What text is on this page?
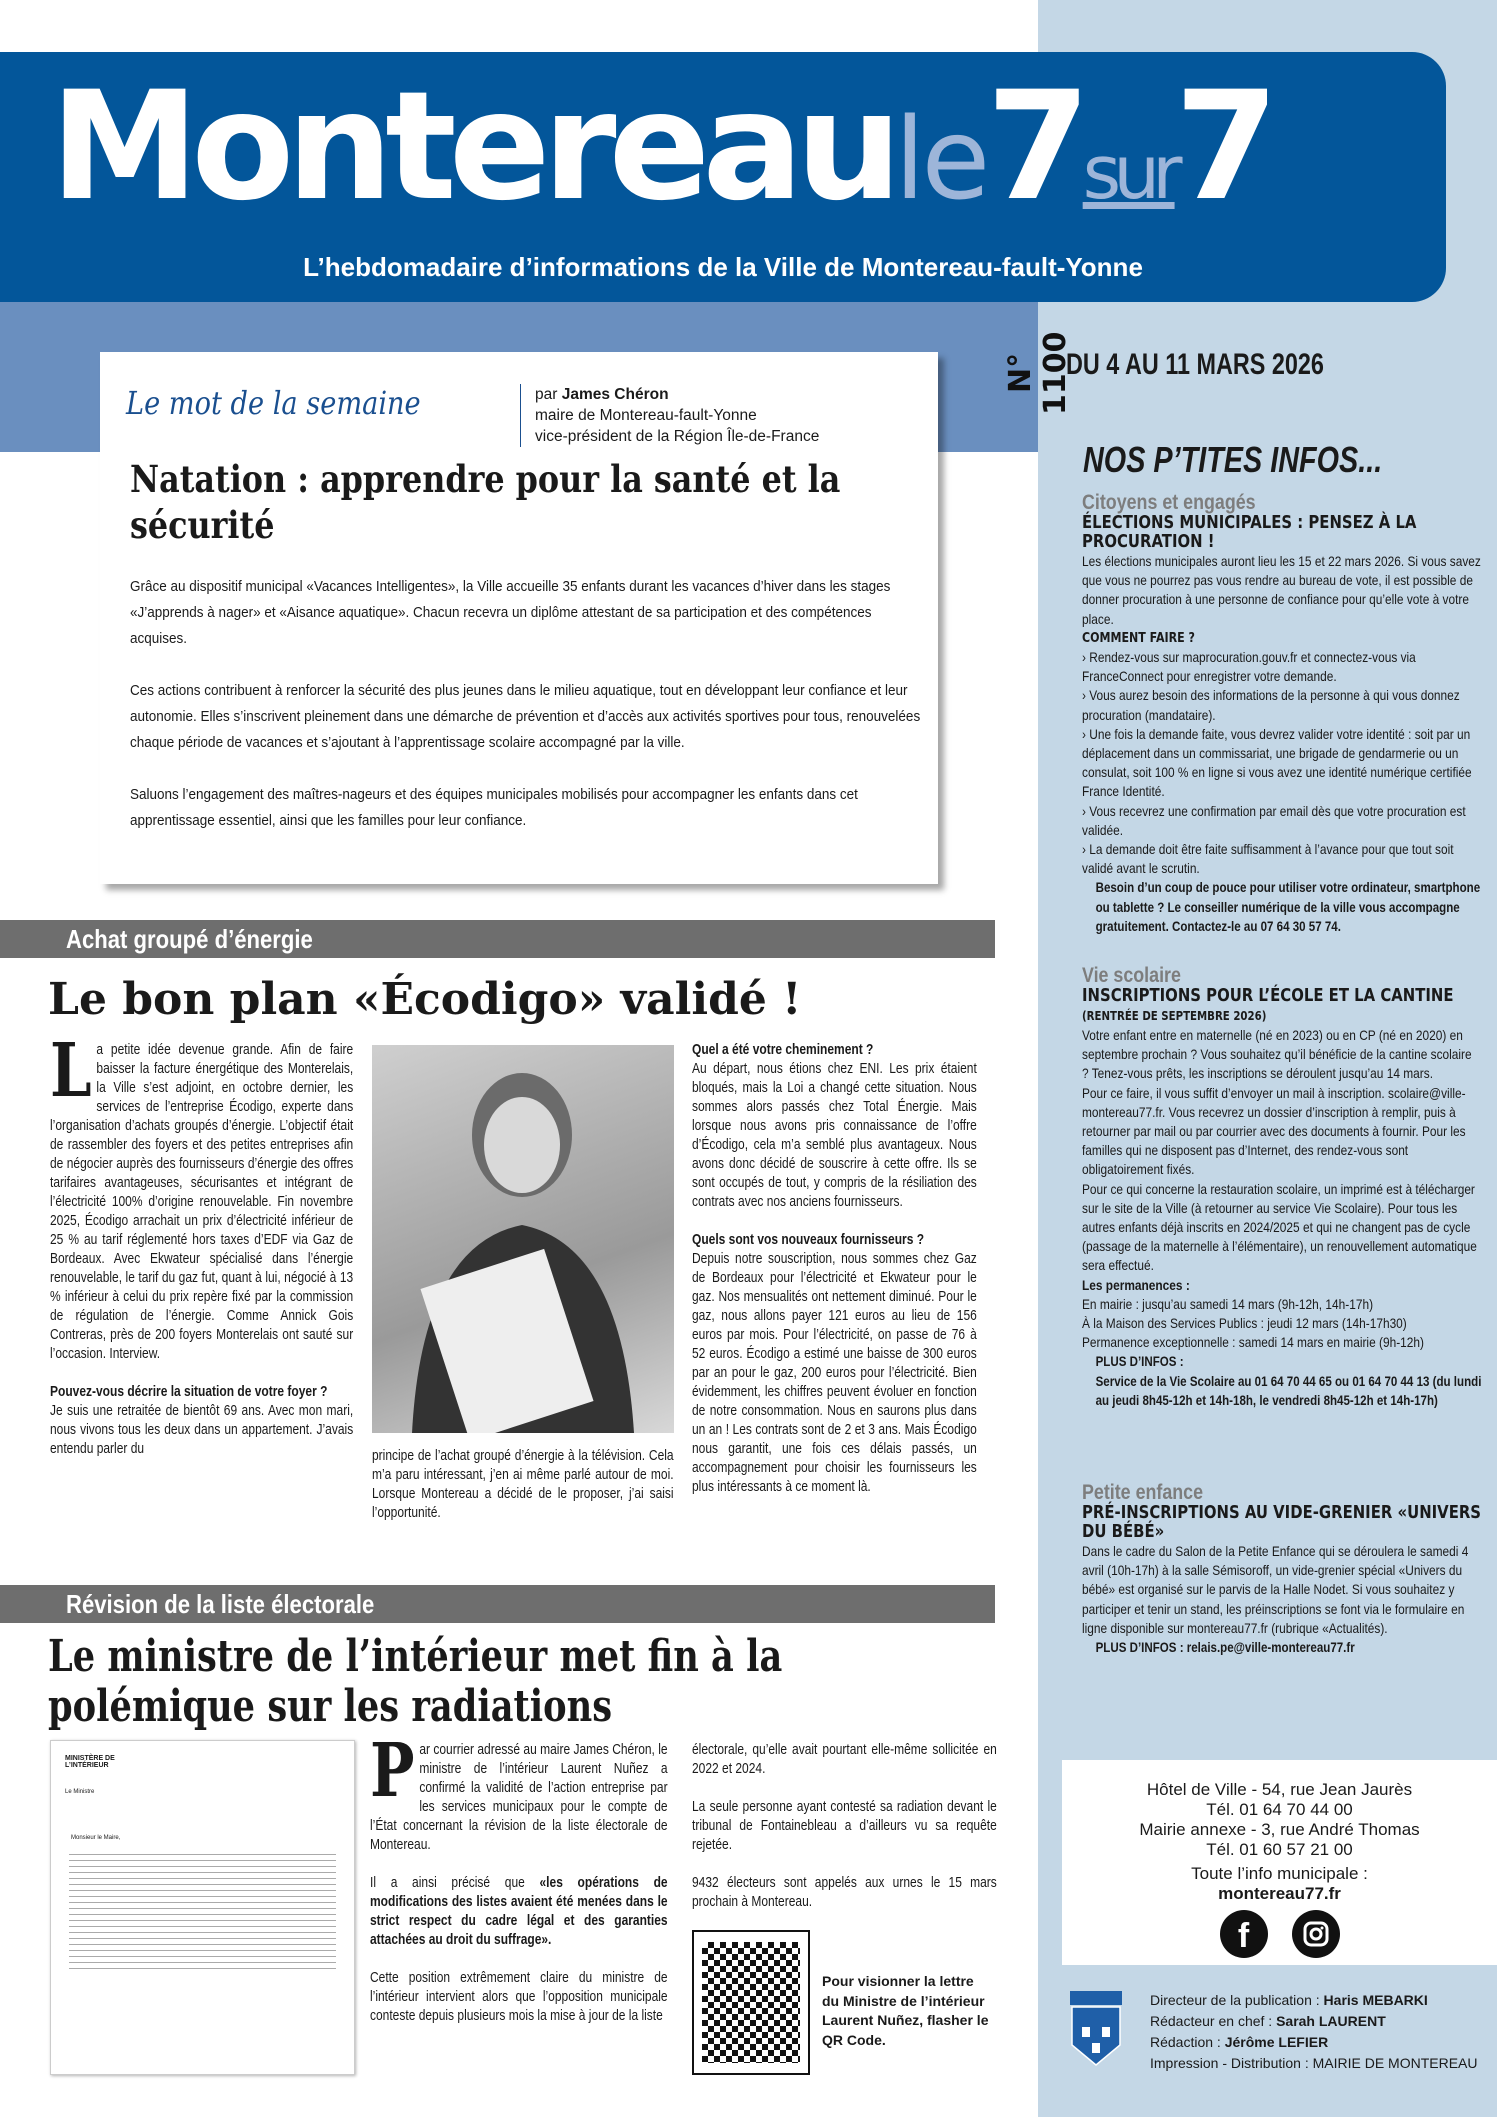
Montereaule7sur7
L’hebdomadaire d’informations de la Ville de Montereau-fault-Yonne
N° 1100
DU 4 AU 11 MARS 2026
Le mot de la semaine	par James Chéron
maire de Montereau-fault-Yonne
vice-président de la Région Île-de-France
Natation : apprendre pour la santé et la sécurité

Grâce au dispositif municipal «Vacances Intelligentes», la Ville accueille 35 enfants durant les vacances d’hiver dans les stages «J’apprends à nager» et «Aisance aquatique». Chacun recevra un diplôme attestant de sa participation et des compétences acquises.

Ces actions contribuent à renforcer la sécurité des plus jeunes dans le milieu aquatique, tout en développant leur confiance et leur autonomie. Elles s’inscrivent pleinement dans une démarche de prévention et d’accès aux activités sportives pour tous, renouvelées chaque période de vacances et s’ajoutant à l’apprentissage scolaire accompagné par la ville.

Saluons l’engagement des maîtres-nageurs et des équipes municipales mobilisés pour accompagner les enfants dans cet apprentissage essentiel, ainsi que les familles pour leur confiance.

Achat groupé d’énergie
Le bon plan «Écodigo» validé !

La petite idée devenue grande. Afin de faire baisser la facture énergétique des Monterelais, la Ville s’est adjoint, en octobre dernier, les services de l’entreprise Écodigo, experte dans l’organisation d’achats groupés d’énergie. L’objectif était de rassembler des foyers et des petites entreprises afin de négocier auprès des fournisseurs d’énergie des offres tarifaires avantageuses, sécurisantes et intégrant de l’électricité 100% d’origine renouvelable. Fin novembre 2025, Écodigo arrachait un prix d’électricité inférieur de 25 % au tarif réglementé hors taxes d’EDF via Gaz de Bordeaux. Avec Ekwateur spécialisé dans l’énergie renouvelable, le tarif du gaz fut, quant à lui, négocié à 13 % inférieur à celui du prix repère fixé par la commission de régulation de l’énergie. Comme Annick Gois Contreras, près de 200 foyers Monterelais ont sauté sur l’occasion. Interview.

Pouvez-vous décrire la situation de votre foyer ?
Je suis une retraitée de bientôt 69 ans. Avec mon mari, nous vivons tous les deux dans un appartement. J’avais entendu parler du	principe de l’achat groupé d’énergie à la télévision. Cela m’a paru intéressant, j’en ai même parlé autour de moi. Lorsque Montereau a décidé de le proposer, j’ai saisi l’opportunité.
Quel a été votre cheminement ?

Au départ, nous étions chez ENI. Les prix étaient bloqués, mais la Loi a changé cette situation. Nous sommes alors passés chez Total Énergie. Mais lorsque nous avons pris connaissance de l’offre d’Écodigo, cela m’a semblé plus avantageux. Nous avons donc décidé de souscrire à cette offre. Ils se sont occupés de tout, y compris de la résiliation des contrats avec nos anciens fournisseurs.

Quels sont vos nouveaux fournisseurs ?

Depuis notre souscription, nous sommes chez Gaz de Bordeaux pour l’électricité et Ekwateur pour le gaz. Nos mensualités ont nettement diminué. Pour le gaz, nous allons payer 121 euros au lieu de 156 euros par mois. Pour l’électricité, on passe de 76 à 52 euros. Écodigo a estimé une baisse de 300 euros par an pour le gaz, 200 euros pour l’électricité. Bien évidemment, les chiffres peuvent évoluer en fonction de notre consommation. Nous en saurons plus dans un an ! Les contrats sont de 2 et 3 ans. Mais Écodigo nous garantit, une fois ces délais passés, un accompagnement pour choisir les fournisseurs les plus intéressants à ce moment là.

Révision de la liste électorale
Le ministre de l’intérieur met fin à la polémique sur les radiations
MINISTÈRE DE L’INTÉRIEUR
Le Ministre
Monsieur le Maire,

Par courrier adressé au maire James Chéron, le ministre de l’intérieur Laurent Nuñez a confirmé la validité de l’action entreprise par les services municipaux pour le compte de l’État concernant la révision de la liste électorale de Montereau.

Il a ainsi précisé que «les opérations de modifications des listes avaient été menées dans le strict respect du cadre légal et des garanties attachées au droit du suffrage».

Cette position extrêmement claire du ministre de l’intérieur intervient alors que l’opposition municipale conteste depuis plusieurs mois la mise à jour de la liste

électorale, qu’elle avait pourtant elle-même sollicitée en 2022 et 2024.

La seule personne ayant contesté sa radiation devant le tribunal de Fontainebleau a d’ailleurs vu sa requête rejetée.

9432 électeurs sont appelés aux urnes le 15 mars prochain à Montereau.

Pour visionner la lettre du Ministre de l’intérieur Laurent Nuñez, flasher le QR Code.
NOS P’TITES INFOS...
Citoyens et engagés
ÉLECTIONS MUNICIPALES : PENSEZ À LA PROCURATION !
Les élections municipales auront lieu les 15 et 22 mars 2026. Si vous savez que vous ne pourrez pas vous rendre au bureau de vote, il est possible de donner procuration à une personne de confiance pour qu’elle vote à votre place.
COMMENT FAIRE ?
› Rendez-vous sur maprocuration.gouv.fr et connectez-vous via FranceConnect pour enregistrer votre demande.
› Vous aurez besoin des informations de la personne à qui vous donnez procuration (mandataire).
› Une fois la demande faite, vous devrez valider votre identité : soit par un déplacement dans un commissariat, une brigade de gendarmerie ou un consulat, soit 100 % en ligne si vous avez une identité numérique certifiée France Identité.
› Vous recevrez une confirmation par email dès que votre procuration est validée.
› La demande doit être faite suffisamment à l’avance pour que tout soit validé avant le scrutin.
Besoin d’un coup de pouce pour utiliser votre ordinateur, smartphone ou tablette ? Le conseiller numérique de la ville vous accompagne gratuitement. Contactez-le au 07 64 30 57 74.
Vie scolaire
INSCRIPTIONS POUR L’ÉCOLE ET LA CANTINE (RENTRÉE DE SEPTEMBRE 2026)
Votre enfant entre en maternelle (né en 2023) ou en CP (né en 2020) en septembre prochain ? Vous souhaitez qu’il bénéficie de la cantine scolaire ? Tenez-vous prêts, les inscriptions se déroulent jusqu’au 14 mars.
Pour ce faire, il vous suffit d’envoyer un mail à inscription. scolaire@ville-montereau77.fr. Vous recevrez un dossier d’inscription à remplir, puis à retourner par mail ou par courrier avec des documents à fournir. Pour les familles qui ne disposent pas d’Internet, des rendez-vous sont obligatoirement fixés.
Pour ce qui concerne la restauration scolaire, un imprimé est à télécharger sur le site de la Ville (à retourner au service Vie Scolaire). Pour tous les autres enfants déjà inscrits en 2024/2025 et qui ne changent pas de cycle (passage de la maternelle à l’élémentaire), un renouvellement automatique sera effectué.
Les permanences :
En mairie : jusqu’au samedi 14 mars (9h-12h, 14h-17h)
À la Maison des Services Publics : jeudi 12 mars (14h-17h30)
Permanence exceptionnelle : samedi 14 mars en mairie (9h-12h)
PLUS D’INFOS :
Service de la Vie Scolaire au 01 64 70 44 65 ou 01 64 70 44 13 (du lundi au jeudi 8h45-12h et 14h-18h, le vendredi 8h45-12h et 14h-17h)
Petite enfance
PRÉ-INSCRIPTIONS AU VIDE-GRENIER «UNIVERS DU BÉBÉ»
Dans le cadre du Salon de la Petite Enfance qui se déroulera le samedi 4 avril (10h-17h) à la salle Sémisoroff, un vide-grenier spécial «Univers du bébé» est organisé sur le parvis de la Halle Nodet. Si vous souhaitez y participer et tenir un stand, les préinscriptions se font via le formulaire en ligne disponible sur montereau77.fr (rubrique «Actualités).
PLUS D’INFOS : relais.pe@ville-montereau77.fr
Hôtel de Ville - 54, rue Jean Jaurès
Tél. 01 64 70 44 00
Mairie annexe - 3, rue André Thomas
Tél. 01 60 57 21 00
Toute l’info municipale :
montereau77.fr
f
Directeur de la publication : Haris MEBARKI
Rédacteur en chef : Sarah LAURENT
Rédaction : Jérôme LEFIER
Impression - Distribution : MAIRIE DE MONTEREAU
